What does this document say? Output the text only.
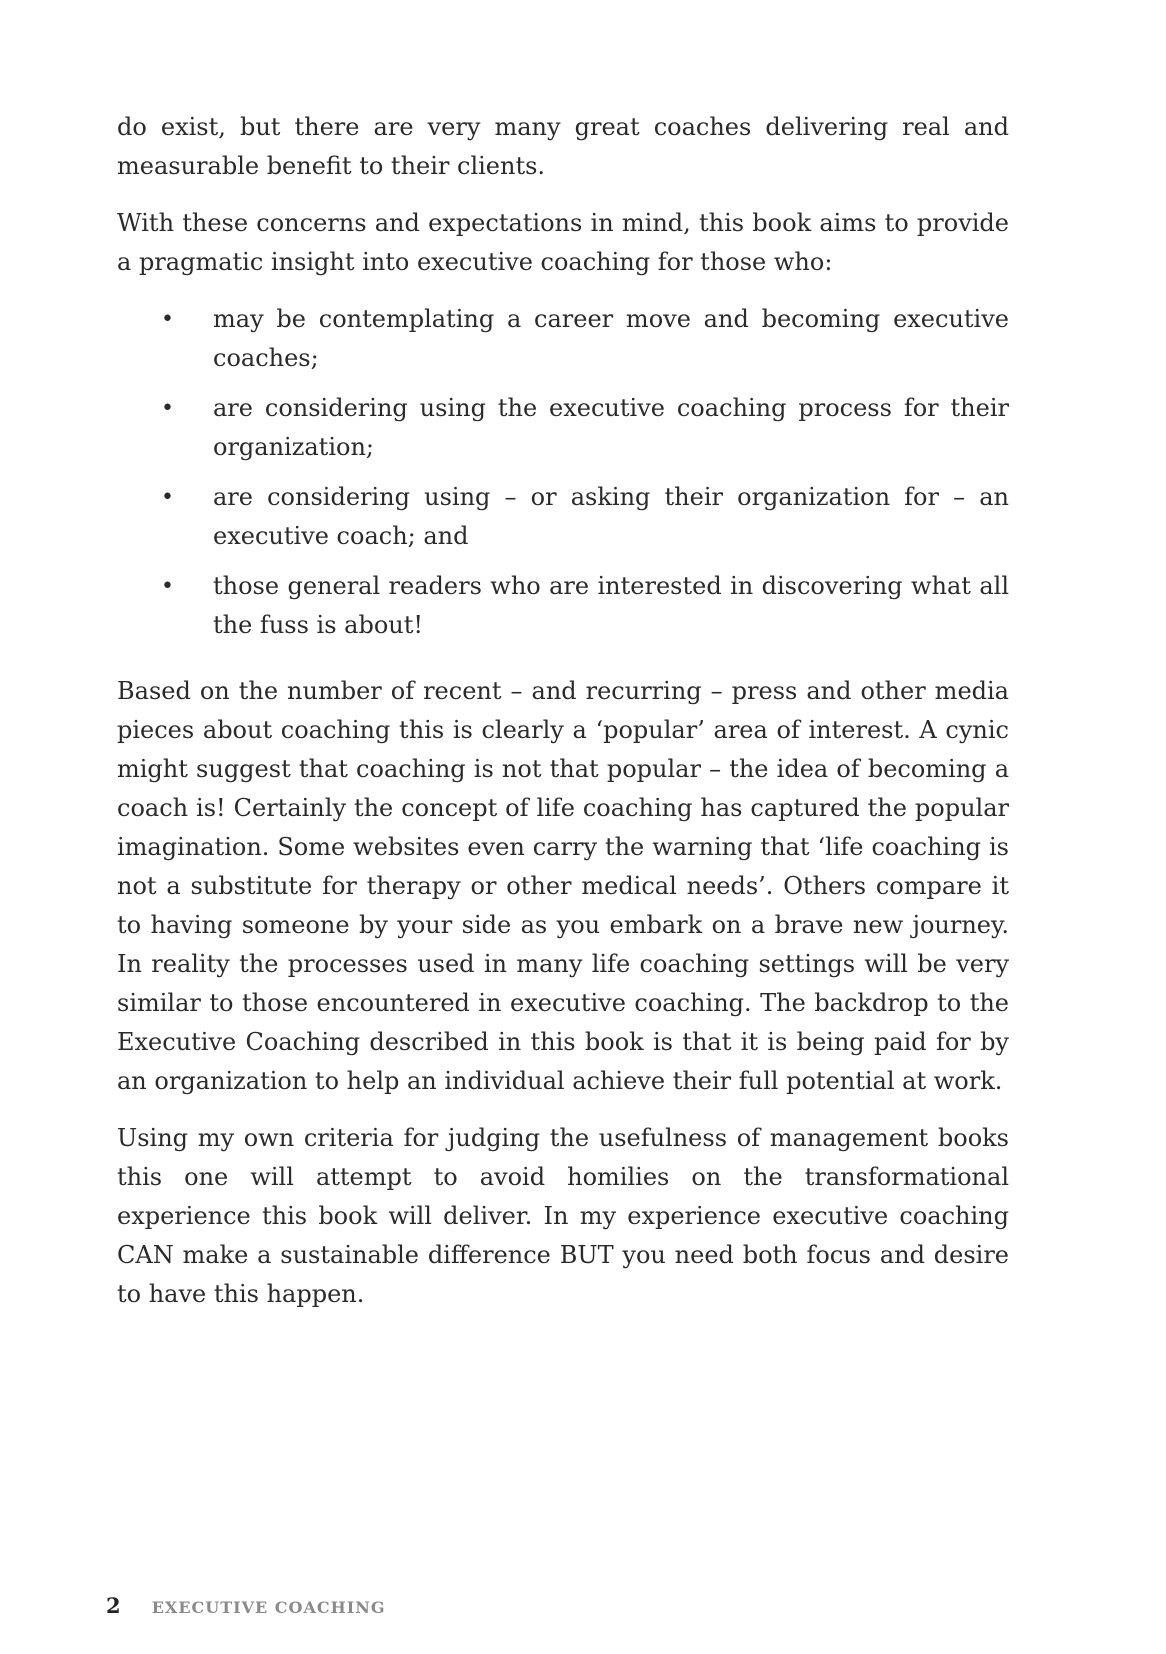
do exist, but there are very many great coaches delivering real and measurable benefit to their clients.

With these concerns and expectations in mind, this book aims to provide a pragmatic insight into executive coaching for those who:

• may be contemplating a career move and becoming executive coaches;
• are considering using the executive coaching process for their organization;
• are considering using – or asking their organization for – an executive coach; and
• those general readers who are interested in discovering what all the fuss is about!

Based on the number of recent – and recurring – press and other media pieces about coaching this is clearly a ‘popular’ area of interest. A cynic might suggest that coaching is not that popular – the idea of becoming a coach is! Certainly the concept of life coaching has captured the popular imagination. Some websites even carry the warning that ‘life coaching is not a substitute for therapy or other medical needs’. Others compare it to having someone by your side as you embark on a brave new journey. In reality the processes used in many life coaching settings will be very similar to those encountered in executive coaching. The backdrop to the Executive Coaching described in this book is that it is being paid for by an organization to help an individual achieve their full potential at work.

Using my own criteria for judging the usefulness of management books this one will attempt to avoid homilies on the transformational experience this book will deliver. In my experience executive coaching CAN make a sustainable difference BUT you need both focus and desire to have this happen.

2 EXECUTIVE COACHING
